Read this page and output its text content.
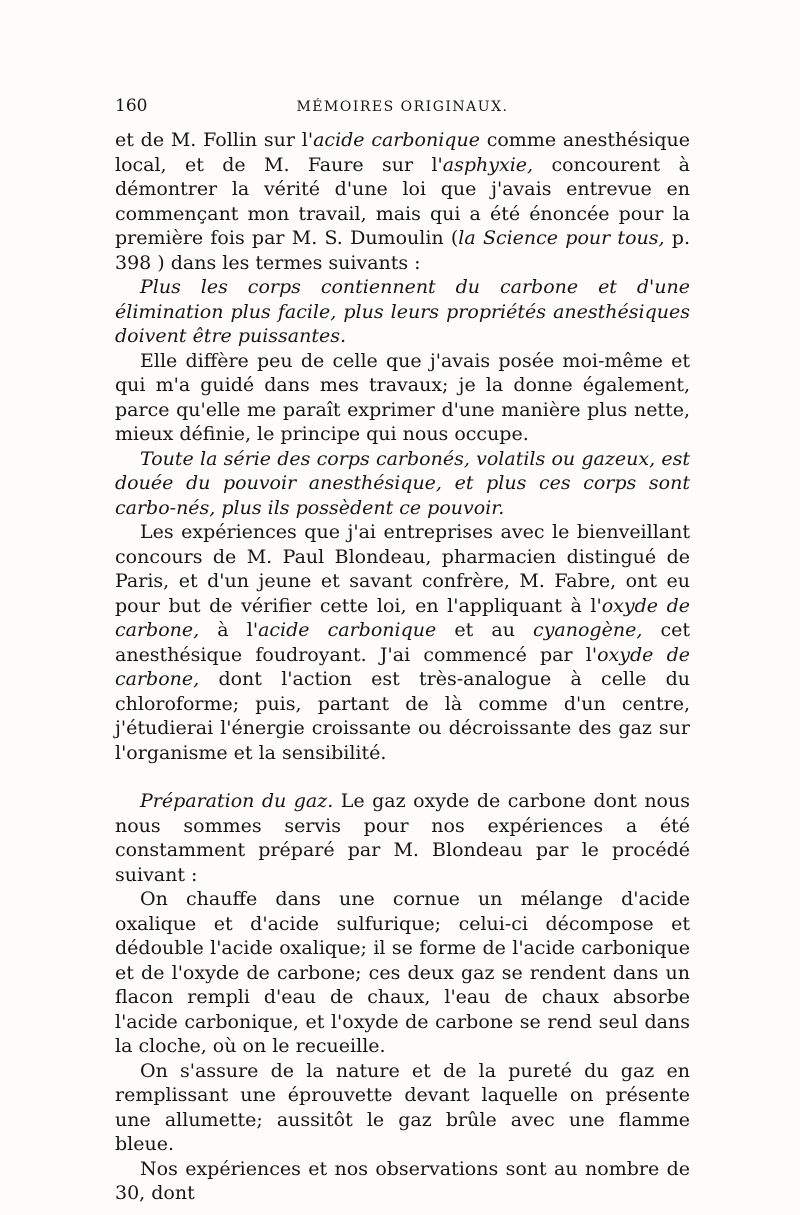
160	MÉMOIRES ORIGINAUX.

et de M. Follin sur l'acide carbonique comme anesthésique local, et de M. Faure sur l'asphyxie, concourent à démontrer la vérité d'une loi que j'avais entrevue en commençant mon travail, mais qui a été énoncée pour la première fois par M. S. Dumoulin (la Science pour tous, p. 398 ) dans les termes suivants :

Plus les corps contiennent du carbone et d'une élimination plus facile, plus leurs propriétés anesthésiques doivent être puissantes.

Elle diffère peu de celle que j'avais posée moi-même et qui m'a guidé dans mes travaux; je la donne également, parce qu'elle me paraît exprimer d'une manière plus nette, mieux définie, le principe qui nous occupe.

Toute la série des corps carbonés, volatils ou gazeux, est douée du pouvoir anesthésique, et plus ces corps sont carbo-nés, plus ils possèdent ce pouvoir.

Les expériences que j'ai entreprises avec le bienveillant concours de M. Paul Blondeau, pharmacien distingué de Paris, et d'un jeune et savant confrère, M. Fabre, ont eu pour but de vérifier cette loi, en l'appliquant à l'oxyde de carbone, à l'acide carbonique et au cyanogène, cet anesthésique foudroyant. J'ai commencé par l'oxyde de carbone, dont l'action est très-analogue à celle du chloroforme; puis, partant de là comme d'un centre, j'étudierai l'énergie croissante ou décroissante des gaz sur l'organisme et la sensibilité.

Préparation du gaz. Le gaz oxyde de carbone dont nous nous sommes servis pour nos expériences a été constamment préparé par M. Blondeau par le procédé suivant :

On chauffe dans une cornue un mélange d'acide oxalique et d'acide sulfurique; celui-ci décompose et dédouble l'acide oxalique; il se forme de l'acide carbonique et de l'oxyde de carbone; ces deux gaz se rendent dans un flacon rempli d'eau de chaux, l'eau de chaux absorbe l'acide carbonique, et l'oxyde de carbone se rend seul dans la cloche, où on le recueille.

On s'assure de la nature et de la pureté du gaz en remplissant une éprouvette devant laquelle on présente une allumette; aussitôt le gaz brûle avec une flamme bleue.

Nos expériences et nos observations sont au nombre de 30, dont
